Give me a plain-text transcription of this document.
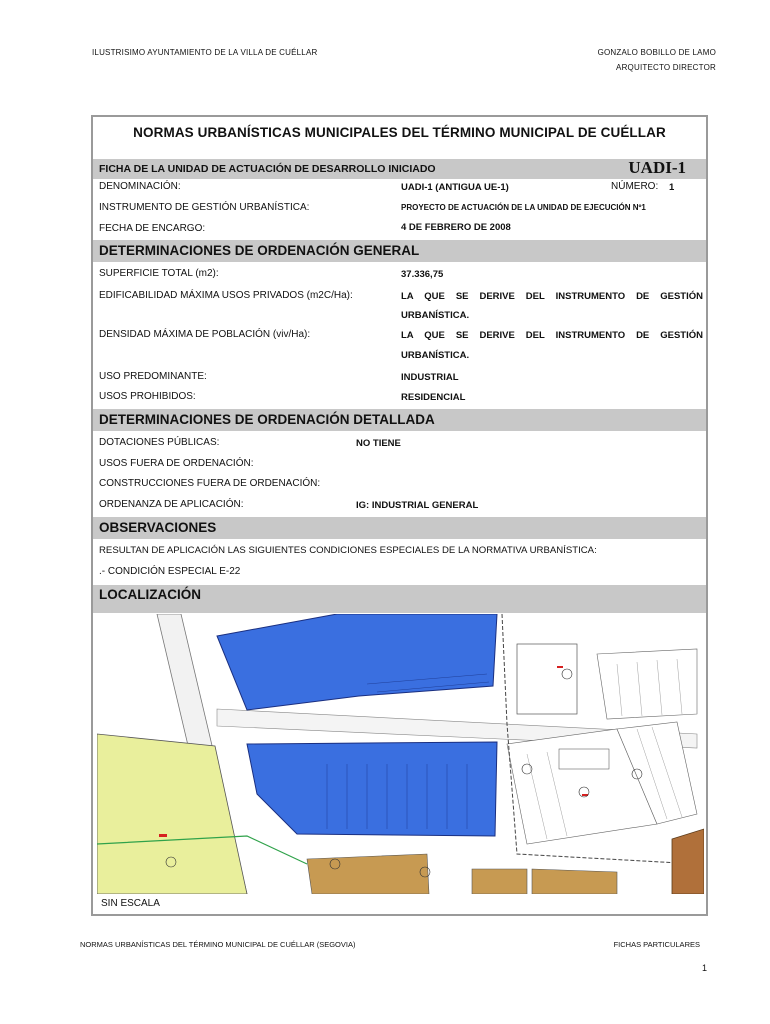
ILUSTRISIMO AYUNTAMIENTO DE LA VILLA DE CUÉLLAR	GONZALO BOBILLO DE LAMO
ARQUITECTO DIRECTOR
NORMAS URBANÍSTICAS MUNICIPALES DEL TÉRMINO MUNICIPAL DE CUÉLLAR
FICHA DE LA UNIDAD DE ACTUACIÓN DE DESARROLLO INICIADO	UADI-1
DENOMINACIÓN:	UADI-1 (ANTIGUA UE-1)	NÚMERO: 1
INSTRUMENTO DE GESTIÓN URBANÍSTICA:	PROYECTO DE ACTUACIÓN DE LA UNIDAD DE EJECUCIÓN Nº1
FECHA DE ENCARGO:	4 DE FEBRERO DE 2008
DETERMINACIONES DE ORDENACIÓN GENERAL
SUPERFICIE TOTAL (m2):	37.336,75
EDIFICABILIDAD MÁXIMA USOS PRIVADOS (m2C/Ha):	LA QUE SE DERIVE DEL INSTRUMENTO DE GESTIÓN
URBANÍSTICA.
DENSIDAD MÁXIMA DE POBLACIÓN (viv/Ha):	LA QUE SE DERIVE DEL INSTRUMENTO DE GESTIÓN
URBANÍSTICA.
USO PREDOMINANTE:	INDUSTRIAL
USOS PROHIBIDOS:	RESIDENCIAL
DETERMINACIONES DE ORDENACIÓN DETALLADA
DOTACIONES PÚBLICAS:	NO TIENE
USOS FUERA DE ORDENACIÓN:
CONSTRUCCIONES FUERA DE ORDENACIÓN:
ORDENANZA DE APLICACIÓN:	IG: INDUSTRIAL GENERAL
OBSERVACIONES
RESULTAN DE APLICACIÓN LAS SIGUIENTES CONDICIONES ESPECIALES DE LA NORMATIVA URBANÍSTICA:
.- CONDICIÓN ESPECIAL E-22
LOCALIZACIÓN
SIN ESCALA
NORMAS URBANÍSTICAS DEL TÉRMINO MUNICIPAL DE CUÉLLAR (SEGOVIA)	FICHAS PARTICULARES
1
